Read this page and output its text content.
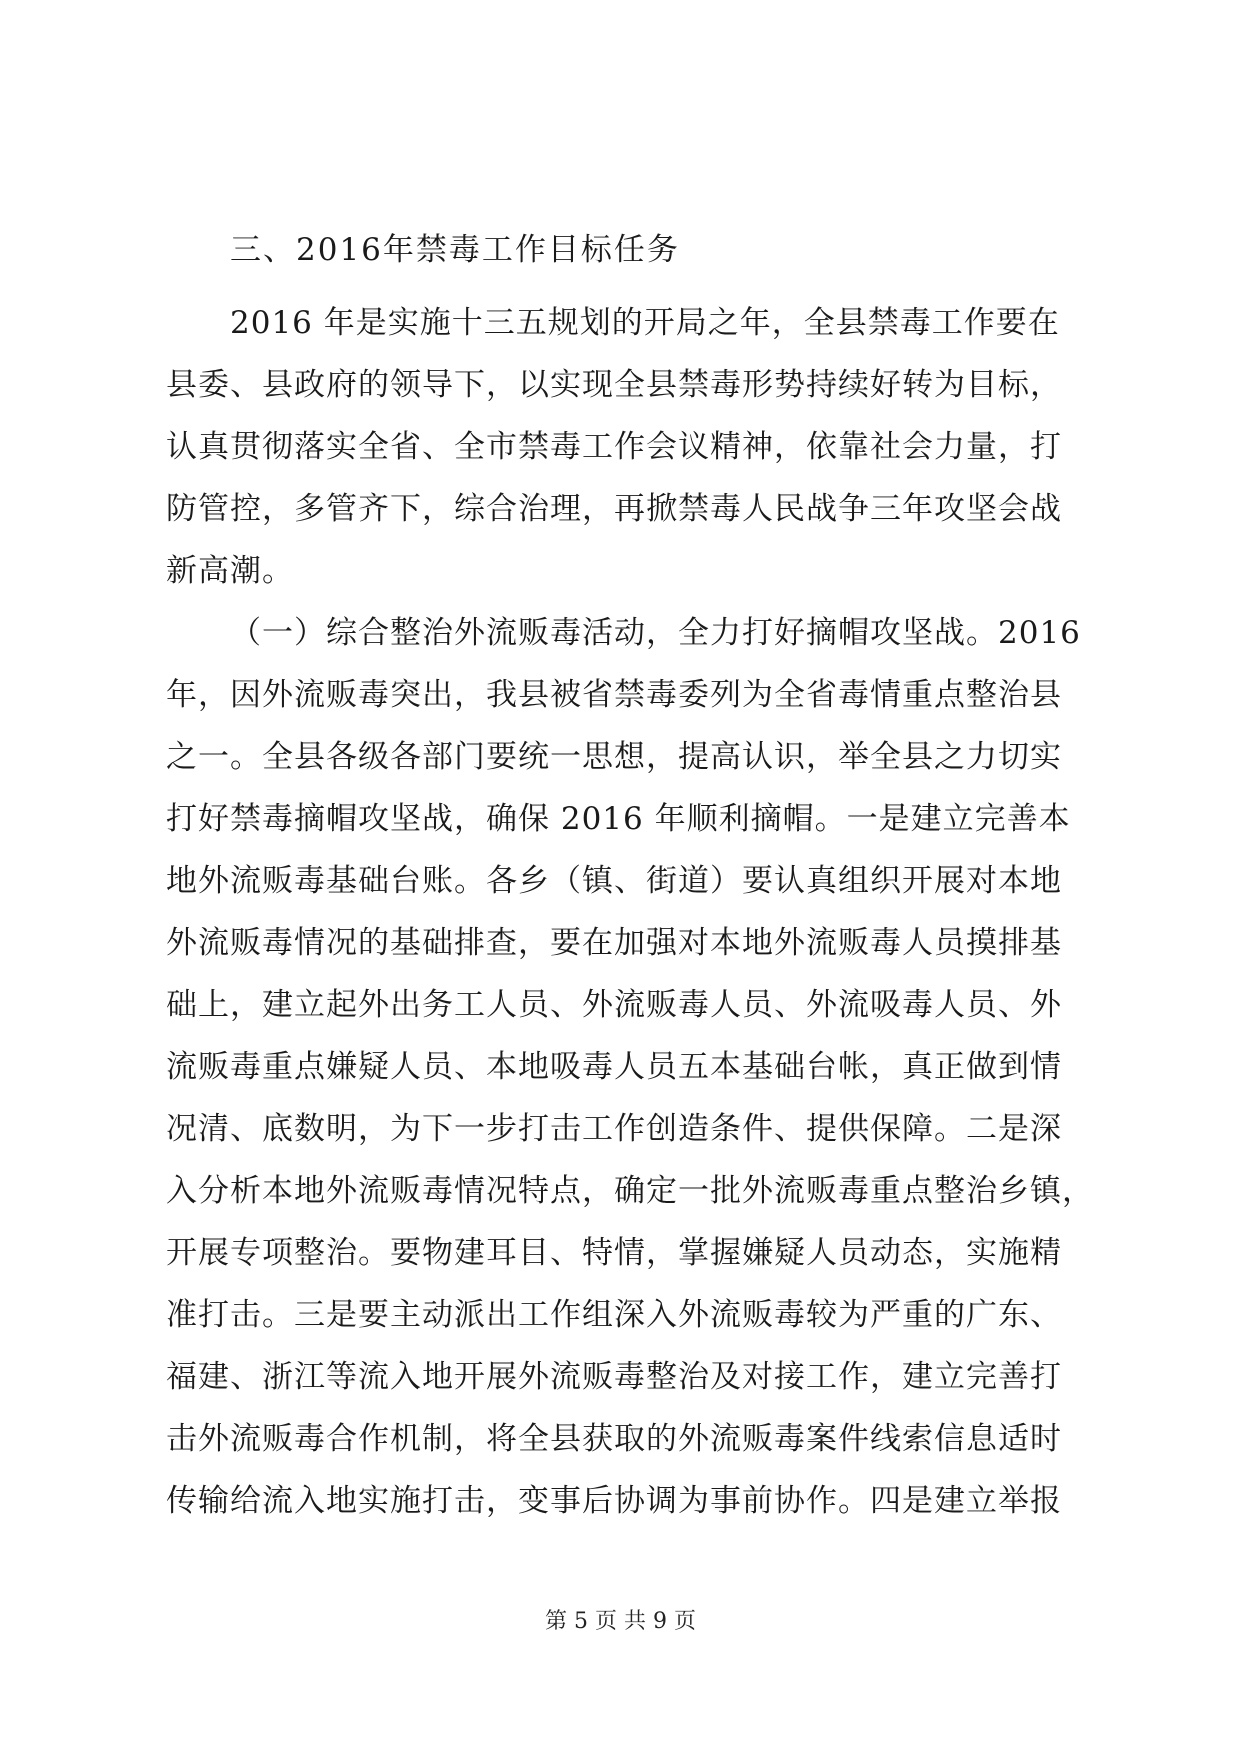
三、2016年禁毒工作目标任务
2016 年是实施十三五规划的开局之年，全县禁毒工作要在
县委、县政府的领导下，以实现全县禁毒形势持续好转为目标，
认真贯彻落实全省、全市禁毒工作会议精神，依靠社会力量，打
防管控，多管齐下，综合治理，再掀禁毒人民战争三年攻坚会战
新高潮。
（一）综合整治外流贩毒活动，全力打好摘帽攻坚战。2016
年，因外流贩毒突出，我县被省禁毒委列为全省毒情重点整治县
之一。全县各级各部门要统一思想，提高认识，举全县之力切实
打好禁毒摘帽攻坚战，确保 2016 年顺利摘帽。一是建立完善本
地外流贩毒基础台账。各乡（镇、街道）要认真组织开展对本地
外流贩毒情况的基础排查，要在加强对本地外流贩毒人员摸排基
础上，建立起外出务工人员、外流贩毒人员、外流吸毒人员、外
流贩毒重点嫌疑人员、本地吸毒人员五本基础台帐，真正做到情
况清、底数明，为下一步打击工作创造条件、提供保障。二是深
入分析本地外流贩毒情况特点，确定一批外流贩毒重点整治乡镇，
开展专项整治。要物建耳目、特情，掌握嫌疑人员动态，实施精
准打击。三是要主动派出工作组深入外流贩毒较为严重的广东、
福建、浙江等流入地开展外流贩毒整治及对接工作，建立完善打
击外流贩毒合作机制，将全县获取的外流贩毒案件线索信息适时
传输给流入地实施打击，变事后协调为事前协作。四是建立举报
第 5 页 共 9 页
